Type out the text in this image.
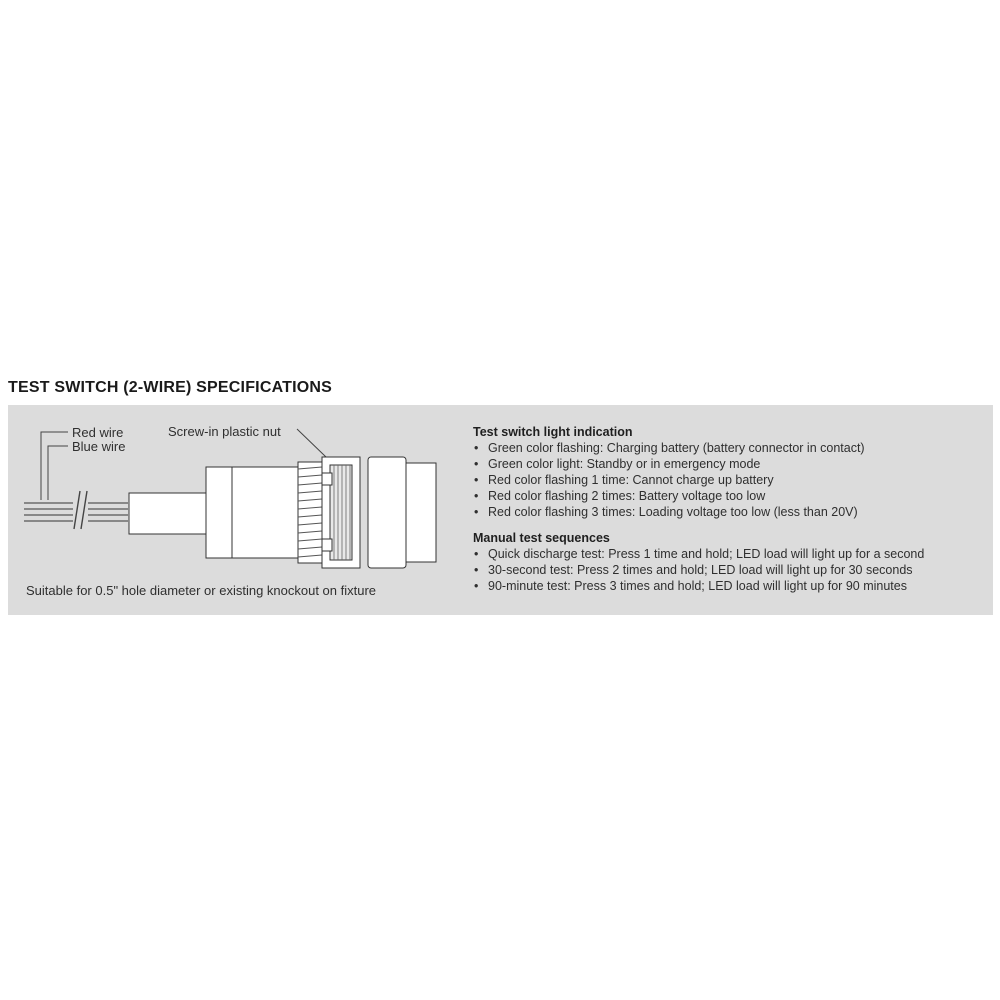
TEST SWITCH (2-WIRE) SPECIFICATIONS
Red wire
Blue wire
Screw-in plastic nut
Suitable for 0.5" hole diameter or existing knockout on fixture
Test switch light indication
• Green color flashing: Charging battery (battery connector in contact)
• Green color light: Standby or in emergency mode
• Red color flashing 1 time: Cannot charge up battery
• Red color flashing 2 times: Battery voltage too low
• Red color flashing 3 times: Loading voltage too low (less than 20V)
Manual test sequences
• Quick discharge test: Press 1 time and hold; LED load will light up for a second
• 30-second test: Press 2 times and hold; LED load will light up for 30 seconds
• 90-minute test: Press 3 times and hold; LED load will light up for 90 minutes
